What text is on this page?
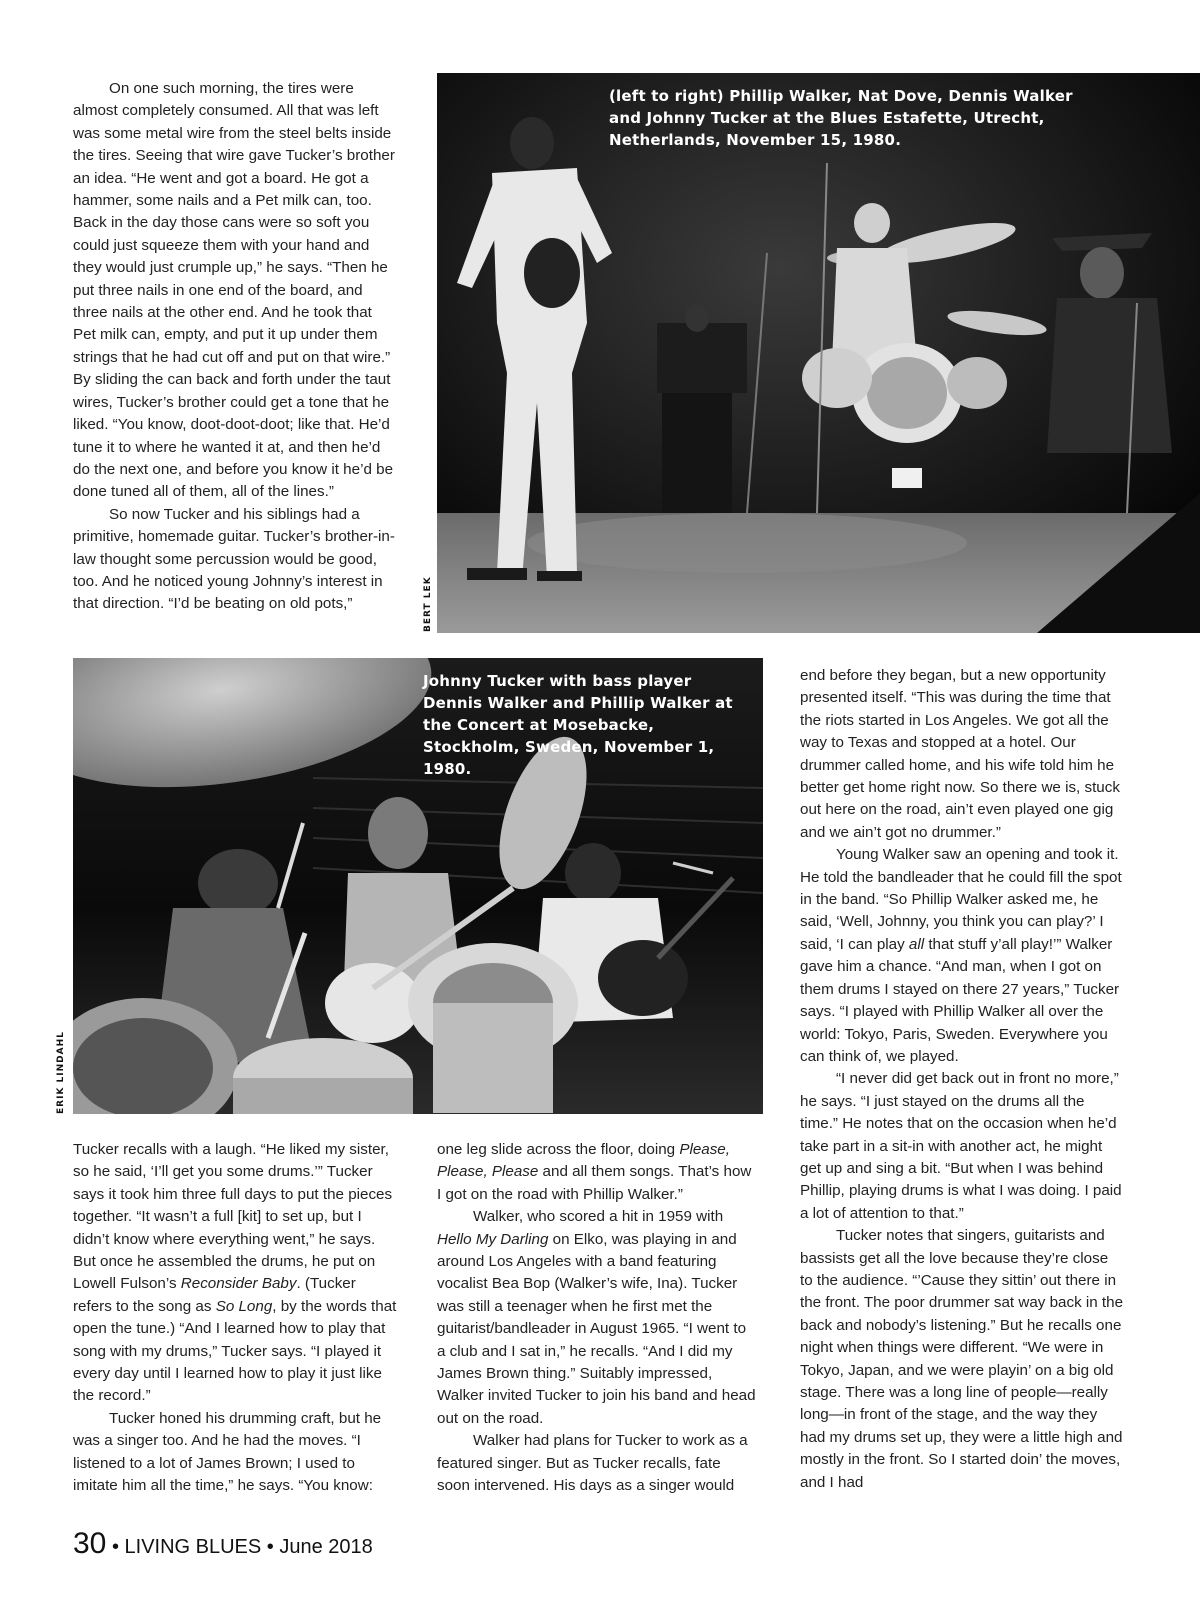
(left to right) Phillip Walker, Nat Dove, Dennis Walker and Johnny Tucker at the Blues Estafette, Utrecht, Netherlands, November 15, 1980.
BERT LEK
Johnny Tucker with bass player Dennis Walker and Phillip Walker at the Concert at Mosebacke, Stockholm, Sweden, November 1, 1980.
ERIK LINDAHL

On one such morning, the tires were almost completely consumed. All that was left was some metal wire from the steel belts inside the tires. Seeing that wire gave Tucker’s brother an idea. “He went and got a board. He got a hammer, some nails and a Pet milk can, too. Back in the day those cans were so soft you could just squeeze them with your hand and they would just crumple up,” he says. “Then he put three nails in one end of the board, and three nails at the other end. And he took that Pet milk can, empty, and put it up under them strings that he had cut off and put on that wire.” By sliding the can back and forth under the taut wires, Tucker’s brother could get a tone that he liked. “You know, doot-doot-doot; like that. He’d tune it to where he wanted it at, and then he’d do the next one, and before you know it he’d be done tuned all of them, all of the lines.”

So now Tucker and his siblings had a primitive, homemade guitar. Tucker’s brother-in-law thought some percussion would be good, too. And he noticed young Johnny’s interest in that direction. “I’d be beating on old pots,”

Tucker recalls with a laugh. “He liked my sister, so he said, ‘I’ll get you some drums.’” Tucker says it took him three full days to put the pieces together. “It wasn’t a full [kit] to set up, but I didn’t know where everything went,” he says. But once he assembled the drums, he put on Lowell Fulson’s Reconsider Baby. (Tucker refers to the song as So Long, by the words that open the tune.) “And I learned how to play that song with my drums,” Tucker says. “I played it every day until I learned how to play it just like the record.”

Tucker honed his drumming craft, but he was a singer too. And he had the moves. “I listened to a lot of James Brown; I used to imitate him all the time,” he says. “You know:

one leg slide across the floor, doing Please, Please, Please and all them songs. That’s how I got on the road with Phillip Walker.”

Walker, who scored a hit in 1959 with Hello My Darling on Elko, was playing in and around Los Angeles with a band featuring vocalist Bea Bop (Walker’s wife, Ina). Tucker was still a teenager when he first met the guitarist/bandleader in August 1965. “I went to a club and I sat in,” he recalls. “And I did my James Brown thing.” Suitably impressed, Walker invited Tucker to join his band and head out on the road.

Walker had plans for Tucker to work as a featured singer. But as Tucker recalls, fate soon intervened. His days as a singer would

end before they began, but a new opportunity presented itself. “This was during the time that the riots started in Los Angeles. We got all the way to Texas and stopped at a hotel. Our drummer called home, and his wife told him he better get home right now. So there we is, stuck out here on the road, ain’t even played one gig and we ain’t got no drummer.”

Young Walker saw an opening and took it. He told the bandleader that he could fill the spot in the band. “So Phillip Walker asked me, he said, ‘Well, Johnny, you think you can play?’ I said, ‘I can play all that stuff y’all play!’” Walker gave him a chance. “And man, when I got on them drums I stayed on there 27 years,” Tucker says. “I played with Phillip Walker all over the world: Tokyo, Paris, Sweden. Everywhere you can think of, we played.

“I never did get back out in front no more,” he says. “I just stayed on the drums all the time.” He notes that on the occasion when he’d take part in a sit-in with another act, he might get up and sing a bit. “But when I was behind Phillip, playing drums is what I was doing. I paid a lot of attention to that.”

Tucker notes that singers, guitarists and bassists get all the love because they’re close to the audience. “’Cause they sittin’ out there in the front. The poor drummer sat way back in the back and nobody’s listening.” But he recalls one night when things were different. “We were in Tokyo, Japan, and we were playin’ on a big old stage. There was a long line of people—really long—in front of the stage, and the way they had my drums set up, they were a little high and mostly in the front. So I started doin’ the moves, and I had

30 • LIVING BLUES • June 2018
